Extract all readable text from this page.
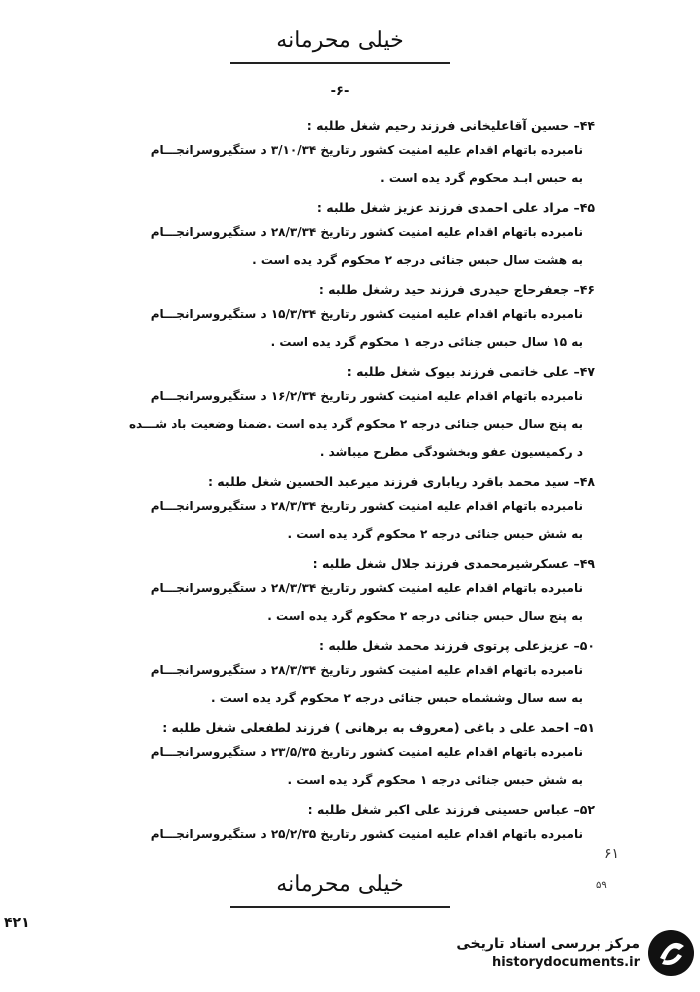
خیلی محرمانه
-۶-
۴۴– حسین آقاعلیخانی فرزند رحیم شغل طلبه :
نامبرده باتهام اقدام علیه امنیت کشور رتاریخ ۳/۱۰/۳۴ د ستگیروسرانجـــام
به حبس ابـد محکوم گرد یده است .
۴۵– مراد علی احمدی فرزند عزیز شغل طلبه :
نامبرده باتهام اقدام علیه امنیت کشور رتاریخ ۲۸/۳/۳۴ د ستگیروسرانجـــام
به هشت سال حبس جنائی درجه ۲ محکوم گرد یده است .
۴۶– جعفرحاج حیدری فرزند حید رشغل طلبه :
نامبرده باتهام اقدام علیه امنیت کشور رتاریخ ۱۵/۳/۳۴ د ستگیروسرانجـــام
به ۱۵ سال حبس جنائی درجه ۱ محکوم گرد یده است .
۴۷– علی خاتمی فرزند بیوک شغل طلبه :
نامبرده باتهام اقدام علیه امنیت کشور رتاریخ ۱۶/۲/۳۴ د ستگیروسرانجـــام
به پنج سال حبس جنائی درجه ۲ محکوم گرد یده است .ضمنا وضعیت باد شـــده
د رکمیسیون عفو وبخشودگی مطرح میباشد .
۴۸– سید محمد باقرد ریاباری فرزند میرعبد الحسین شغل طلبه :
نامبرده باتهام اقدام علیه امنیت کشور رتاریخ ۲۸/۳/۳۴ د ستگیروسرانجـــام
به شش حبس جنائی درجه ۲ محکوم گرد یده است .
۴۹– عسکرشیرمحمدی فرزند جلال شغل طلبه :
نامبرده باتهام اقدام علیه امنیت کشور رتاریخ ۲۸/۳/۳۴ د ستگیروسرانجـــام
به پنج سال حبس جنائی درجه ۲ محکوم گرد یده است .
۵۰– عزیزعلی پرتوی فرزند محمد شغل طلبه :
نامبرده باتهام اقدام علیه امنیت کشور رتاریخ ۲۸/۳/۳۴ د ستگیروسرانجـــام
به سه سال وششماه حبس جنائی درجه ۲ محکوم گرد یده است .
۵۱– احمد علی د باغی (معروف به برهانی ) فرزند لطفعلی شغل طلبه :
نامبرده باتهام اقدام علیه امنیت کشور رتاریخ ۲۳/۵/۳۵ د ستگیروسرانجـــام
به شش حبس جنائی درجه ۱ محکوم گرد یده است .
۵۲– عباس حسینی فرزند علی اکبر شغل طلبه :
نامبرده باتهام اقدام علیه امنیت کشور رتاریخ ۲۵/۲/۳۵ د ستگیروسرانجـــام
۶۱
۵۹
خیلی محرمانه
۴۲۱
مرکز بررسی اسناد تاریخی
historydocuments.ir
